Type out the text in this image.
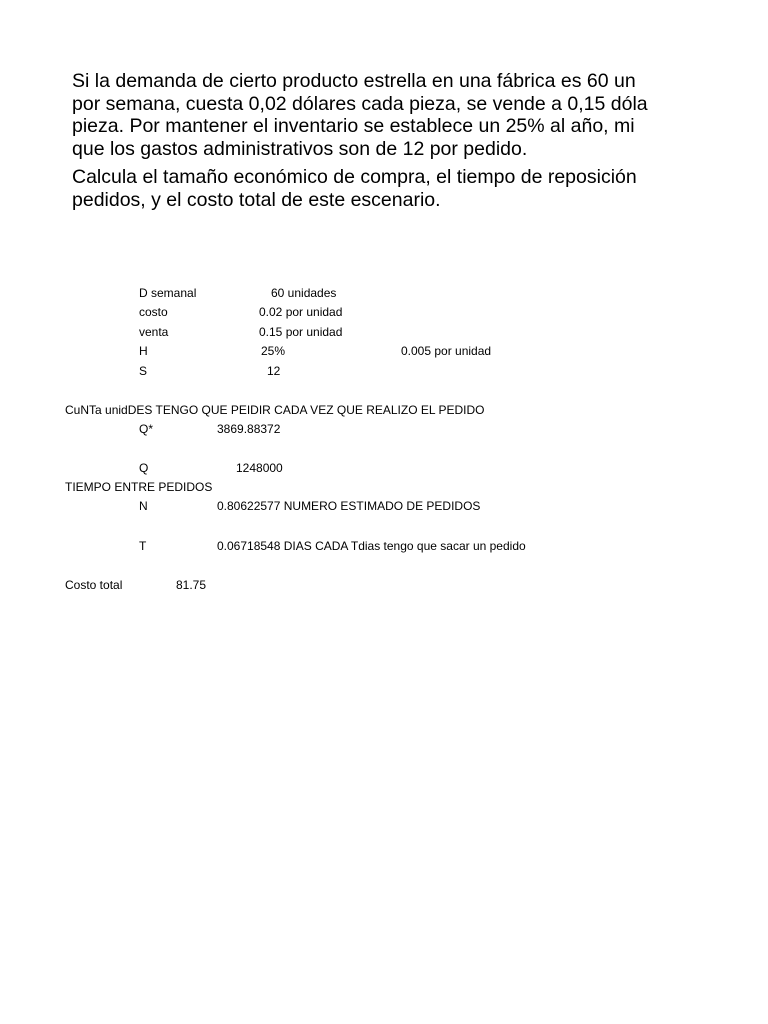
Si la demanda de cierto producto estrella en una fábrica es 60 un
por semana, cuesta 0,02 dólares cada pieza, se vende a 0,15 dóla
pieza. Por mantener el inventario se establece un 25% al año, mi
que los gastos administrativos son de 12 por pedido.
Calcula el tamaño económico de compra, el tiempo de reposición
pedidos, y el costo total de este escenario.
D semanal	60 unidades
costo	0.02 por unidad
venta	0.15 por unidad
H	25%	0.005 por unidad
S	12
CuNTa unidDES TENGO QUE PEIDIR CADA VEZ QUE REALIZO EL PEDIDO
Q*	3869.88372
Q	1248000
TIEMPO ENTRE PEDIDOS
N	0.80622577 NUMERO ESTIMADO DE PEDIDOS
T	0.06718548 DIAS CADA Tdias tengo que sacar un pedido
Costo total	81.75
